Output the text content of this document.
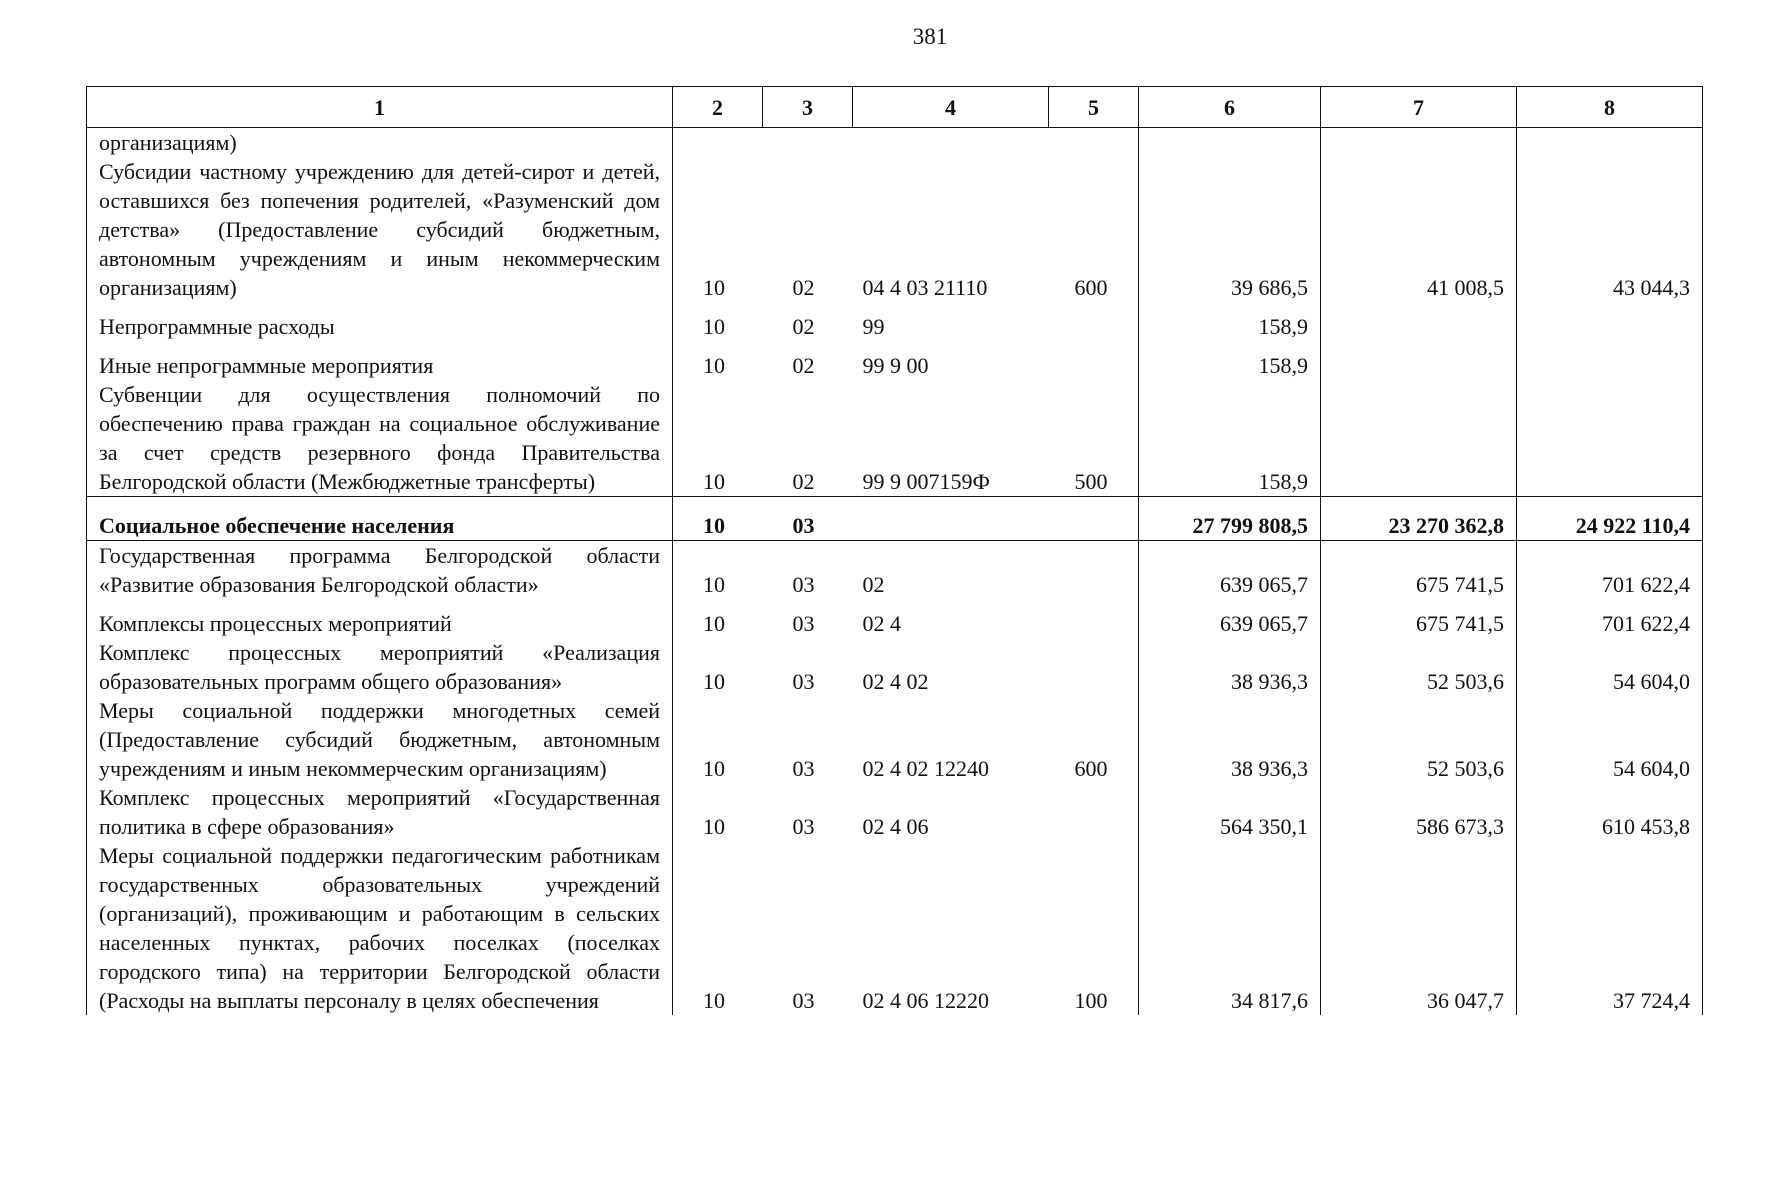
381
1	2	3	4	5	6	7	8
организациям)
Субсидии частному учреждению для детей-сирот и детей, оставшихся без попечения родителей, «Разуменский дом детства» (Предоставление субсидий бюджетным, автономным учреждениям и иным некоммерческим организациям)	10	02	04 4 03 21110	600	39 686,5	41 008,5	43 044,3
Непрограммные расходы	10	02	99		158,9		
Иные непрограммные мероприятия	10	02	99 9 00		158,9		
Субвенции для осуществления полномочий по обеспечению права граждан на социальное обслуживание за счет средств резервного фонда Правительства Белгородской области (Межбюджетные трансферты)	10	02	99 9 007159Ф	500	158,9		
Социальное обеспечение населения	10	03			27 799 808,5	23 270 362,8	24 922 110,4
Государственная программа Белгородской области «Развитие образования Белгородской области»	10	03	02		639 065,7	675 741,5	701 622,4
Комплексы процессных мероприятий	10	03	02 4		639 065,7	675 741,5	701 622,4
Комплекс процессных мероприятий «Реализация образовательных программ общего образования»	10	03	02 4 02		38 936,3	52 503,6	54 604,0
Меры социальной поддержки многодетных семей (Предоставление субсидий бюджетным, автономным учреждениям и иным некоммерческим организациям)	10	03	02 4 02 12240	600	38 936,3	52 503,6	54 604,0
Комплекс процессных мероприятий «Государственная политика в сфере образования»	10	03	02 4 06		564 350,1	586 673,3	610 453,8
Меры социальной поддержки педагогическим работникам государственных образовательных учреждений (организаций), проживающим и работающим в сельских населенных пунктах, рабочих поселках (поселках городского типа) на территории Белгородской области (Расходы на выплаты персоналу в целях обеспечения	10	03	02 4 06 12220	100	34 817,6	36 047,7	37 724,4
